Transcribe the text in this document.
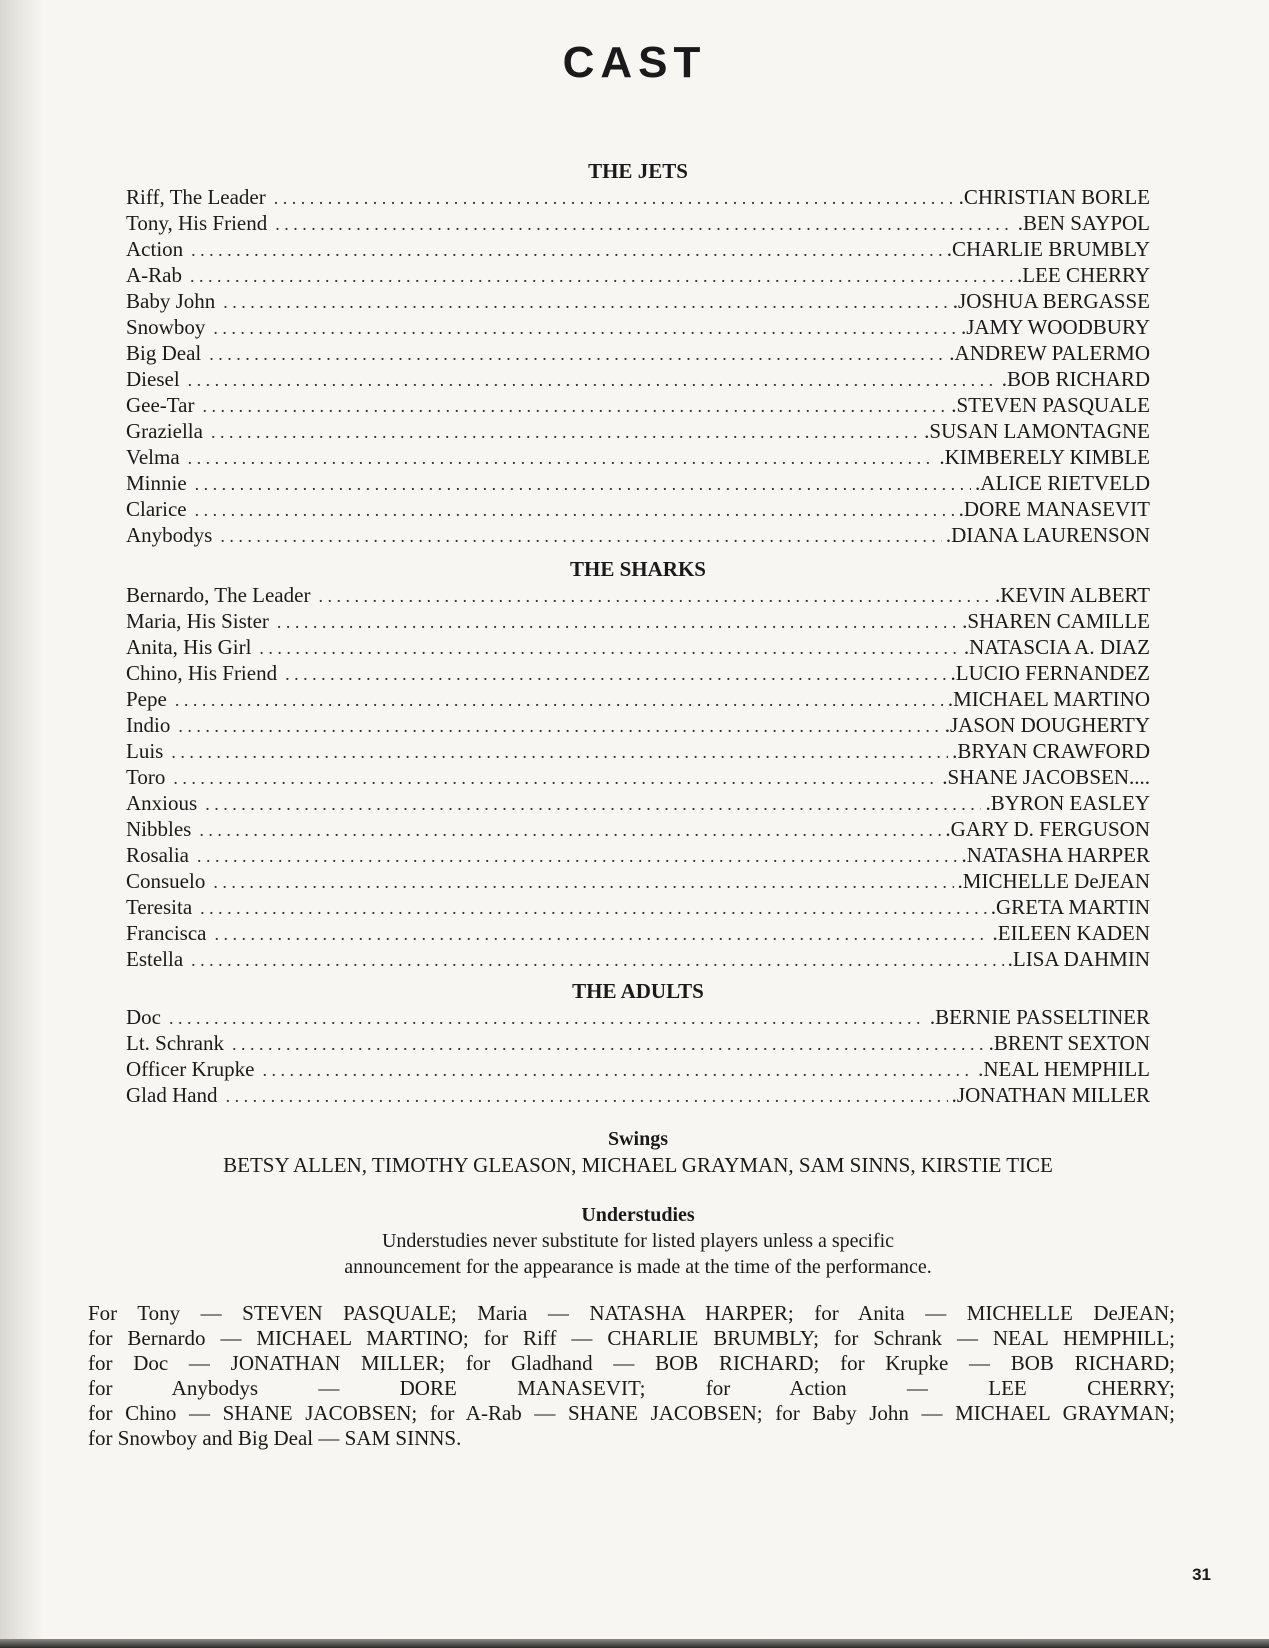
CAST
THE JETS
Riff, The Leader . . .	.CHRISTIAN BORLE
Tony, His Friend . . .	.BEN SAYPOL
Action . . .	.CHARLIE BRUMBLY
A-Rab . . .	.LEE CHERRY
Baby John . . .	.JOSHUA BERGASSE
Snowboy . . .	.JAMY WOODBURY
Big Deal . . .	.ANDREW PALERMO
Diesel . . .	.BOB RICHARD
Gee-Tar . . .	.STEVEN PASQUALE
Graziella . . .	.SUSAN LAMONTAGNE
Velma . . .	.KIMBERELY KIMBLE
Minnie . . .	.ALICE RIETVELD
Clarice . . .	.DORE MANASEVIT
Anybodys . . .	.DIANA LAURENSON
THE SHARKS
Bernardo, The Leader . . .	.KEVIN ALBERT
Maria, His Sister . . .	.SHAREN CAMILLE
Anita, His Girl . . .	.NATASCIA A. DIAZ
Chino, His Friend . . .	.LUCIO FERNANDEZ
Pepe . . .	.MICHAEL MARTINO
Indio . . .	.JASON DOUGHERTY
Luis . . .	.BRYAN CRAWFORD
Toro . . .	.SHANE JACOBSEN....
Anxious . . .	.BYRON EASLEY
Nibbles . . .	.GARY D. FERGUSON
Rosalia . . .	.NATASHA HARPER
Consuelo . . .	.MICHELLE DeJEAN
Teresita . . .	.GRETA MARTIN
Francisca . . .	.EILEEN KADEN
Estella . . .	.LISA DAHMIN
THE ADULTS
Doc . . .	.BERNIE PASSELTINER
Lt. Schrank . . .	.BRENT SEXTON
Officer Krupke . . .	.NEAL HEMPHILL
Glad Hand . . .	.JONATHAN MILLER

Swings

BETSY ALLEN, TIMOTHY GLEASON, MICHAEL GRAYMAN, SAM SINNS, KIRSTIE TICE

Understudies

Understudies never substitute for listed players unless a specific

announcement for the appearance is made at the time of the performance.

For Tony — STEVEN PASQUALE; Maria — NATASHA HARPER; for Anita — MICHELLE DeJEAN;

for Bernardo — MICHAEL MARTINO; for Riff — CHARLIE BRUMBLY; for Schrank — NEAL HEMPHILL;

for Doc — JONATHAN MILLER; for Gladhand — BOB RICHARD; for Krupke — BOB RICHARD;

for Anybodys — DORE MANASEVIT; for Action — LEE CHERRY;

for Chino — SHANE JACOBSEN; for A-Rab — SHANE JACOBSEN; for Baby John — MICHAEL GRAYMAN;

for Snowboy and Big Deal — SAM SINNS.

31
